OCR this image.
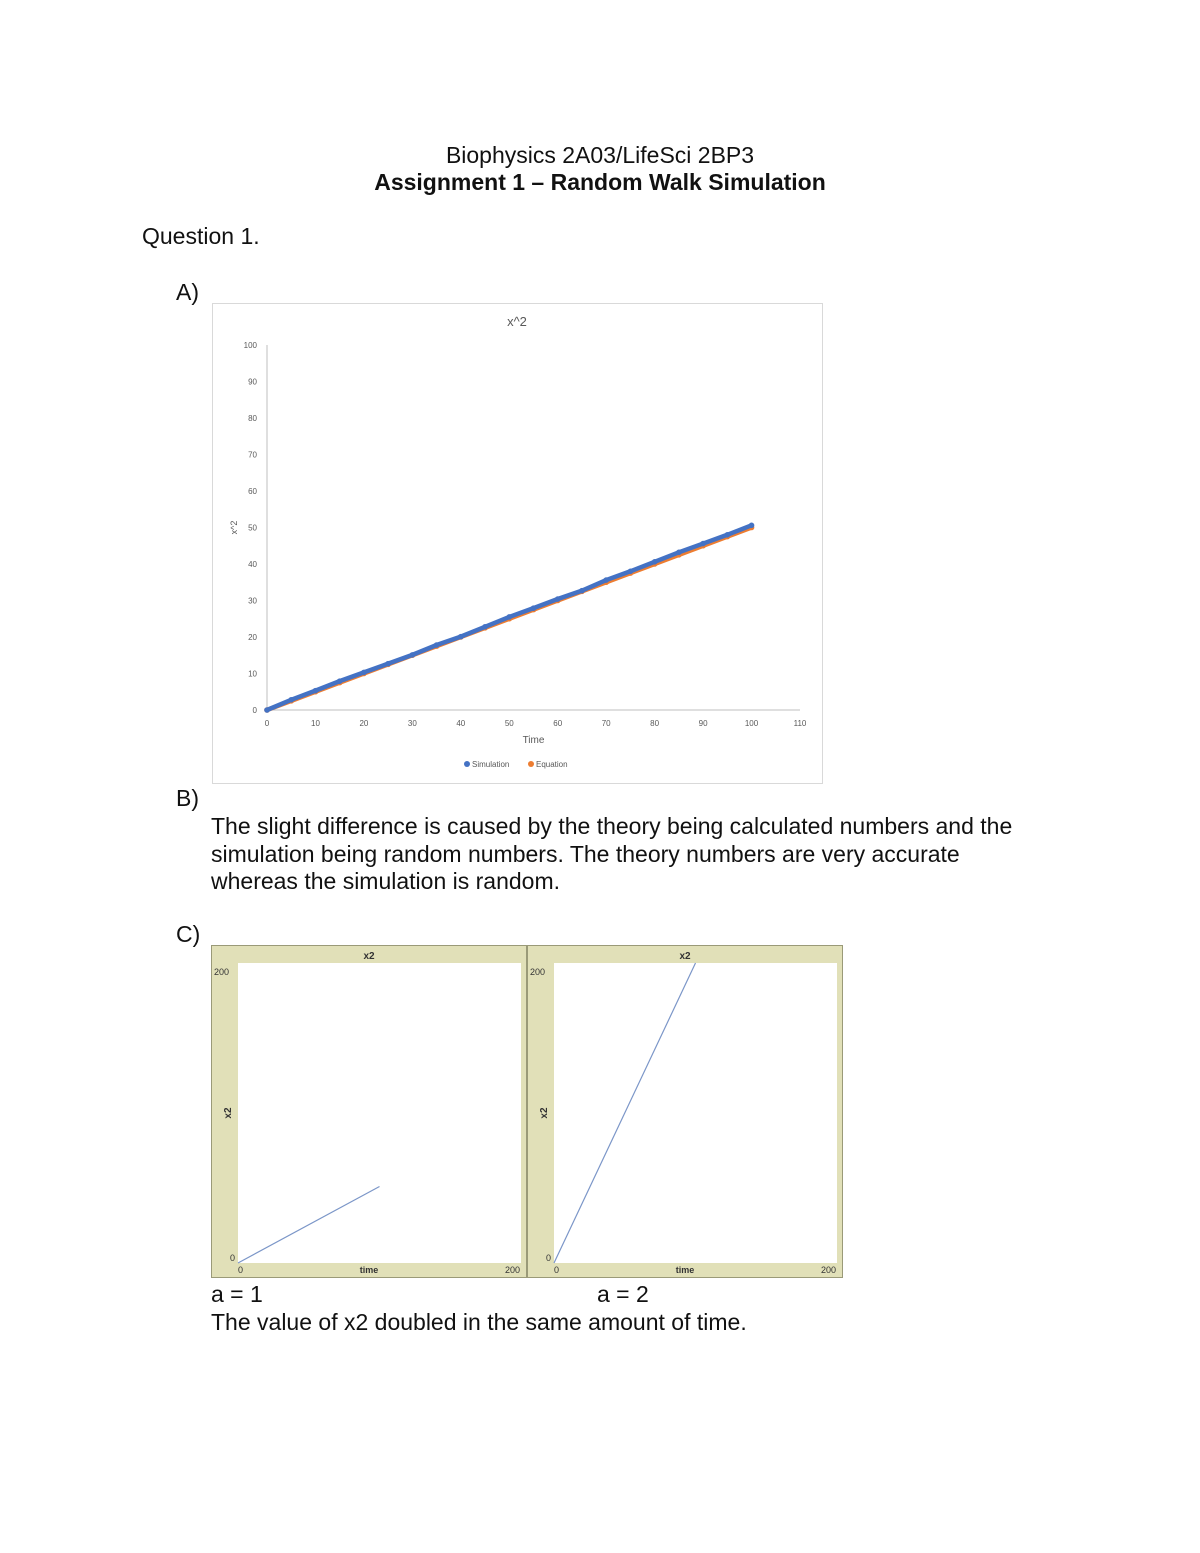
Biophysics 2A03/LifeSci 2BP3
Assignment 1 – Random Walk Simulation
Question 1.
A)
x^2
0
10
20
30
40
50
60
70
80
90
100
0	10	20	30	40	50	60	70	80	90	100	110
Time
x^2
Simulation	Equation
B)
The slight difference is caused by the theory being calculated numbers and the
simulation being random numbers. The theory numbers are very accurate
whereas the simulation is random.
C)
x2
200
0
0	200
time
x2
x2
200
0
0	200
time
x2
a = 1	a = 2
The value of x2 doubled in the same amount of time.
